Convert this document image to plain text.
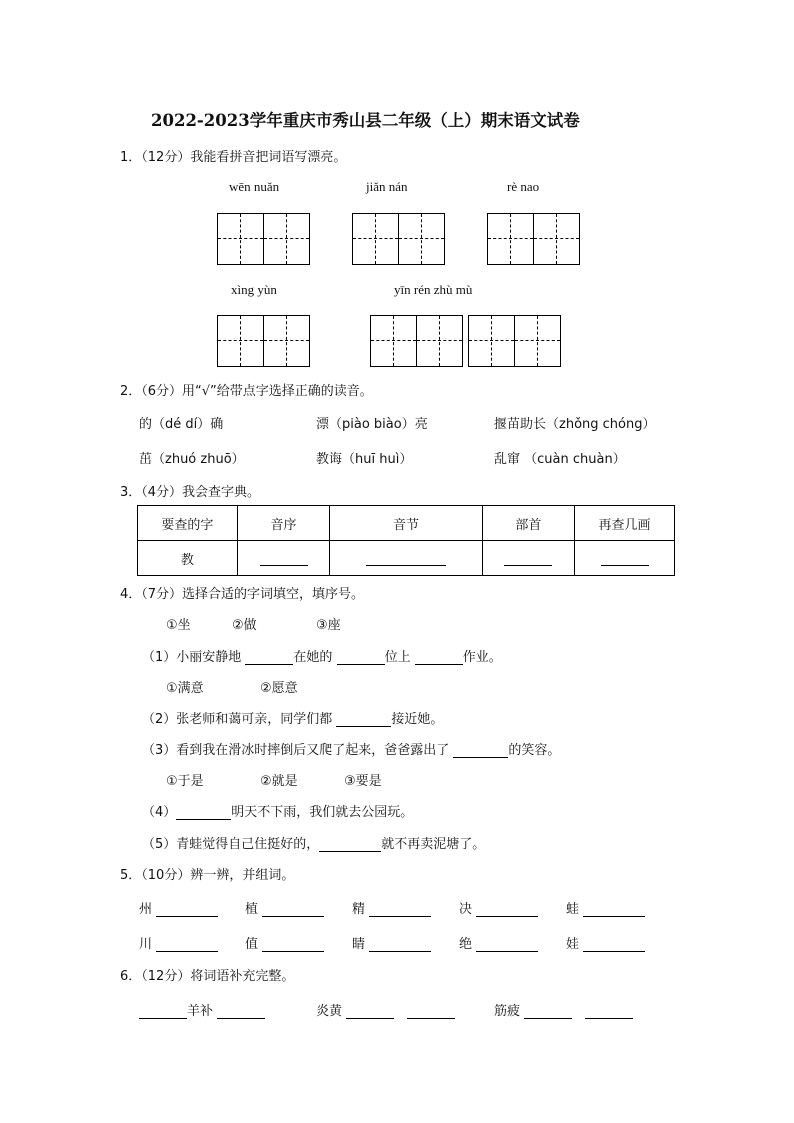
2022-2023学年重庆市秀山县二年级（上）期末语文试卷
1．（12分）我能看拼音把词语写漂亮。
wēn nuǎn	jiǎn nán	rè nao
xìng yùn	yīn rén zhù mù
2．（6分）用“√”给带点字选择正确的读音。
的（dé dí）确	漂（piào biào）亮	揠苗助长（zhǒng chóng）
茁（zhuó zhuō）	教诲（huī huì）	乱窜 （cuàn chuàn）
3．（4分）我会查字典。
要查的字	音序	音节	部首	再查几画
教				
4．（7分）选择合适的字词填空，填序号。
①坐	②做	③座
（1）小丽安静地	在她的	位上	作业。
①满意	②愿意
（2）张老师和蔼可亲，同学们都	接近她。
（3）看到我在滑冰时摔倒后又爬了起来，爸爸露出了	的笑容。
①于是	②就是	③要是
（4）	明天不下雨，我们就去公园玩。
（5）青蛙觉得自己住挺好的，	就不再卖泥塘了。
5．（10分）辨一辨，并组词。
州	植	精	决	蛙
川	值	睛	绝	娃
6．（12分）将词语补充完整。
羊补	炎黄	筋疲
